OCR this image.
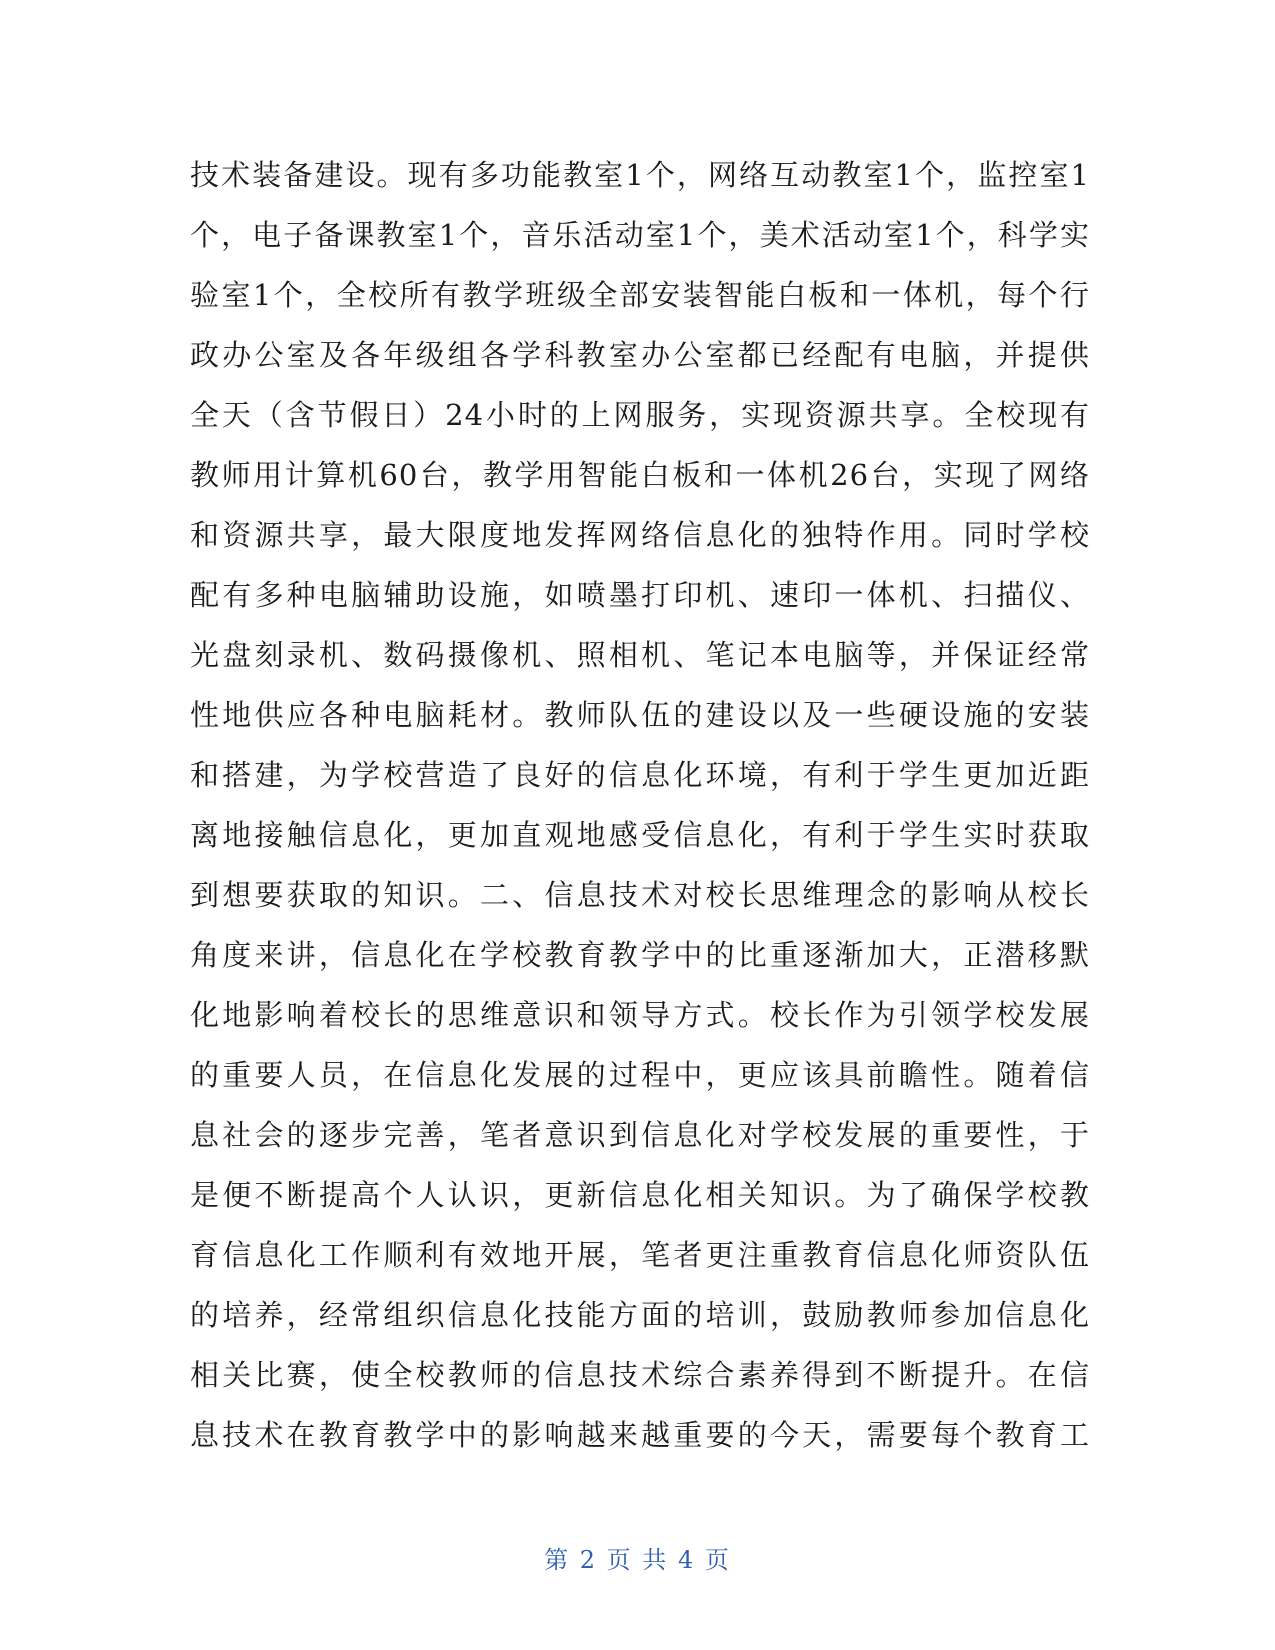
技术装备建设。现有多功能教室1个，网络互动教室1个，监控室1
个，电子备课教室1个，音乐活动室1个，美术活动室1个，科学实
验室1个，全校所有教学班级全部安装智能白板和一体机，每个行
政办公室及各年级组各学科教室办公室都已经配有电脑，并提供
全天（含节假日）24小时的上网服务，实现资源共享。全校现有
教师用计算机60台，教学用智能白板和一体机26台，实现了网络
和资源共享，最大限度地发挥网络信息化的独特作用。同时学校
配有多种电脑辅助设施，如喷墨打印机、速印一体机、扫描仪、
光盘刻录机、数码摄像机、照相机、笔记本电脑等，并保证经常
性地供应各种电脑耗材。教师队伍的建设以及一些硬设施的安装
和搭建，为学校营造了良好的信息化环境，有利于学生更加近距
离地接触信息化，更加直观地感受信息化，有利于学生实时获取
到想要获取的知识。二、信息技术对校长思维理念的影响从校长
角度来讲，信息化在学校教育教学中的比重逐渐加大，正潜移默
化地影响着校长的思维意识和领导方式。校长作为引领学校发展
的重要人员，在信息化发展的过程中，更应该具前瞻性。随着信
息社会的逐步完善，笔者意识到信息化对学校发展的重要性，于
是便不断提高个人认识，更新信息化相关知识。为了确保学校教
育信息化工作顺利有效地开展，笔者更注重教育信息化师资队伍
的培养，经常组织信息化技能方面的培训，鼓励教师参加信息化
相关比赛，使全校教师的信息技术综合素养得到不断提升。在信
息技术在教育教学中的影响越来越重要的今天，需要每个教育工
第 2 页 共 4 页
